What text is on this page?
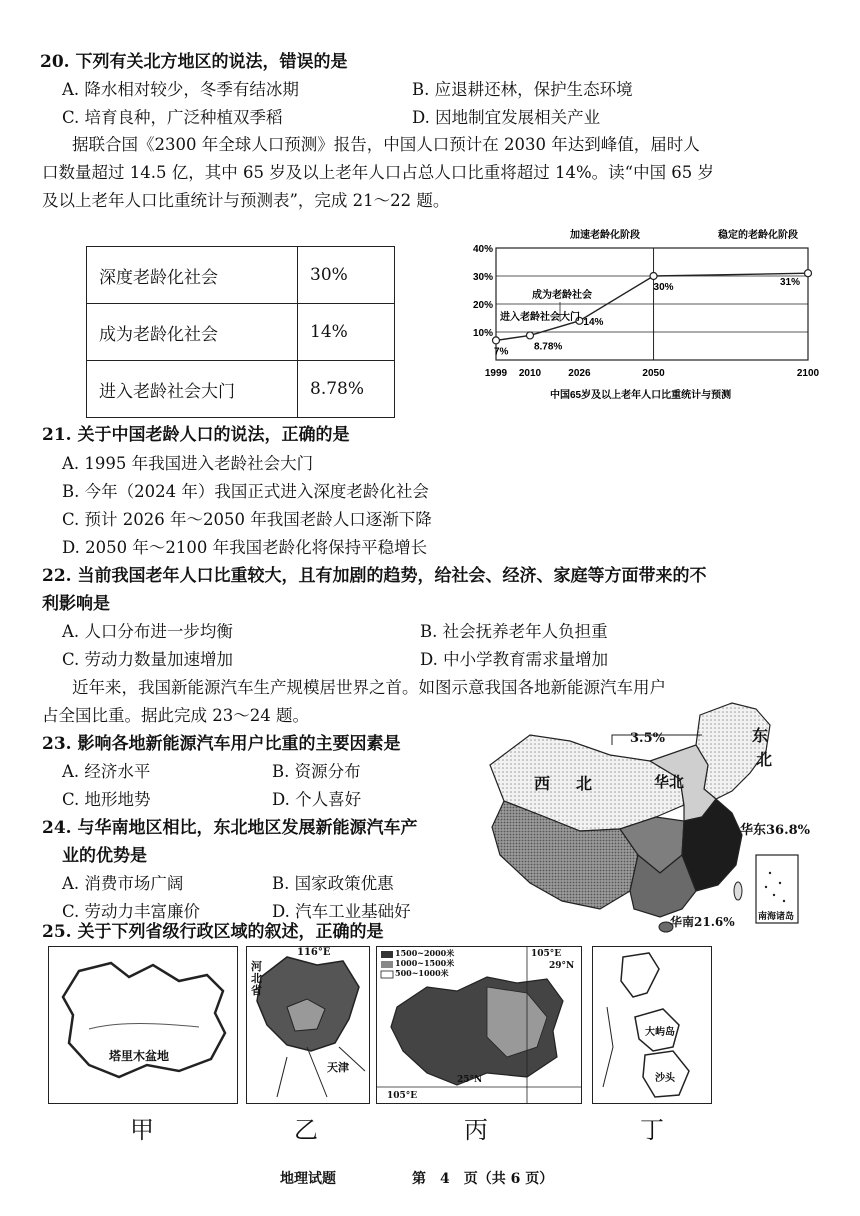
20. 下列有关北方地区的说法，错误的是
A. 降水相对较少，冬季有结冰期	B. 应退耕还林，保护生态环境
C. 培育良种，广泛种植双季稻	D. 因地制宜发展相关产业
据联合国《2300 年全球人口预测》报告，中国人口预计在 2030 年达到峰值，届时人
口数量超过 14.5 亿，其中 65 岁及以上老年人口占总人口比重将超过 14%。读“中国 65 岁
及以上老年人口比重统计与预测表”，完成 21～22 题。
深度老龄化社会	30%
成为老龄化社会	14%
进入老龄社会大门	8.78%
加速老龄化阶段	稳定的老龄化阶段
10%
20%
30%
40%
7%
1999
8.78%
2010
14%
2026
30%
2050
31%
2100
成为老龄社会
进入老龄社会大门
中国65岁及以上老年人口比重统计与预测
21. 关于中国老龄人口的说法，正确的是
A. 1995 年我国进入老龄社会大门
B. 今年（2024 年）我国正式进入深度老龄化社会
C. 预计 2026 年～2050 年我国老龄人口逐渐下降
D. 2050 年～2100 年我国老龄化将保持平稳增长
22. 当前我国老年人口比重较大，且有加剧的趋势，给社会、经济、家庭等方面带来的不
利影响是
A. 人口分布进一步均衡	B. 社会抚养老年人负担重
C. 劳动力数量加速增加	D. 中小学教育需求量增加
近年来，我国新能源汽车生产规模居世界之首。如图示意我国各地新能源汽车用户
占全国比重。据此完成 23～24 题。
23. 影响各地新能源汽车用户比重的主要因素是
A. 经济水平	B. 资源分布
C. 地形地势	D. 个人喜好
24. 与华南地区相比，东北地区发展新能源汽车产
业的优势是
A. 消费市场广阔	B. 国家政策优惠
C. 劳动力丰富廉价	D. 汽车工业基础好
3.5%	东
北
西 北	华北
华东36.8%
华南21.6%	南海诸岛
25. 关于下列省级行政区域的叙述，正确的是
塔里木盆地
116°E
河北省
天津
1500~2000米
1000~1500米
500~1000米
105°E
29°N
25°N
105°E
大屿岛
沙头
甲	乙	丙	丁
地理试题	第　4　页（共 6 页）
